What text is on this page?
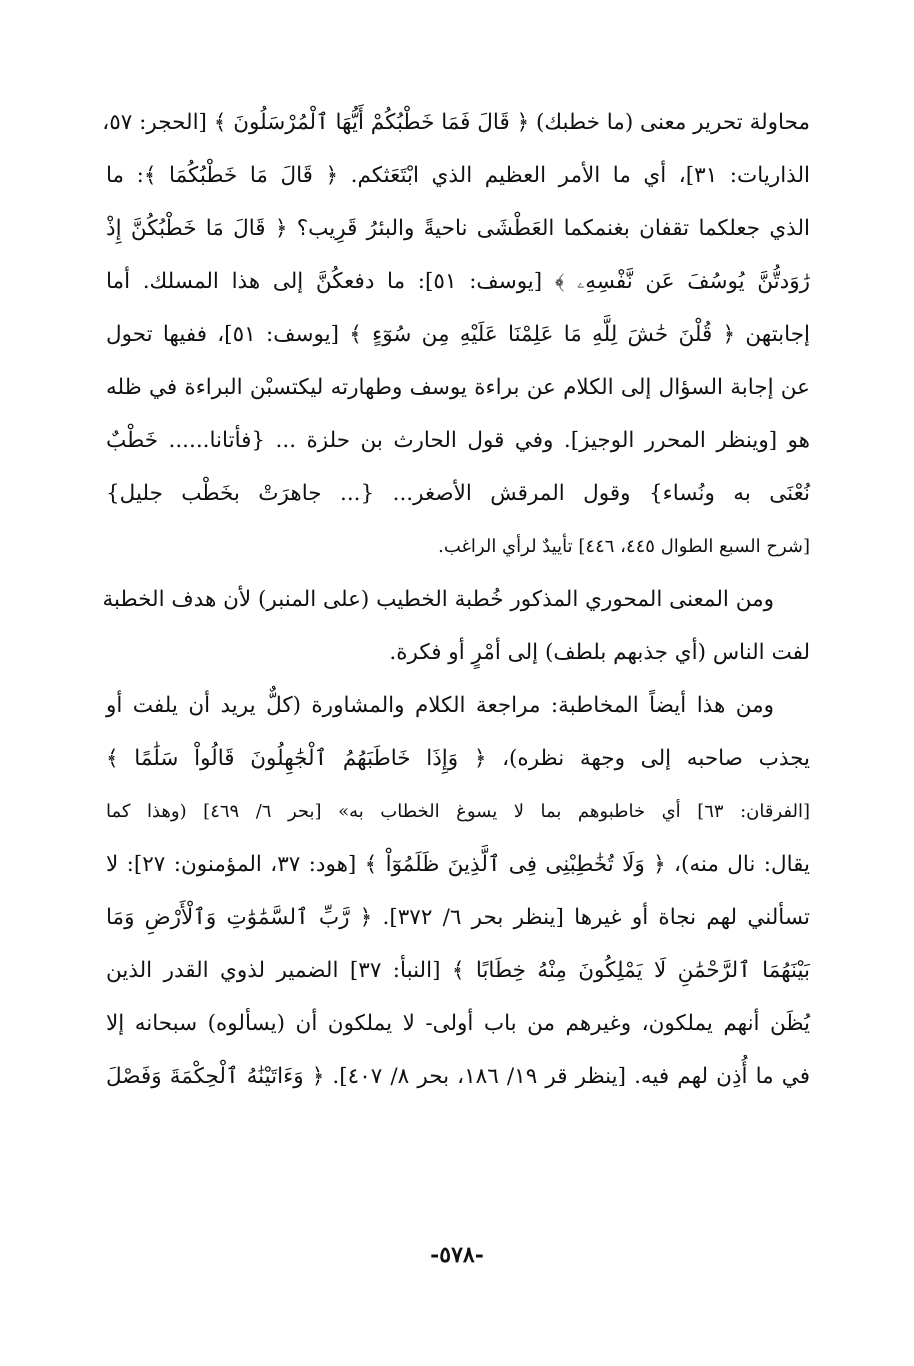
محاولة تحرير معنى (ما خطبك) ﴿ قَالَ فَمَا خَطْبُكُمْ أَيُّهَا ٱلْمُرْسَلُونَ ﴾ [الحجر: ٥٧،
الذاريات: ٣١]، أي ما الأمر العظيم الذي ابْتَعَثكم. ﴿ قَالَ مَا خَطْبُكُمَا ﴾: ما
الذي جعلكما تقفان بغنمكما العَطْشَى ناحيةً والبئرُ قَرِيب؟ ﴿ قَالَ مَا خَطْبُكُنَّ إِذْ
رَٰوَدتُّنَّ يُوسُفَ عَن نَّفْسِهِۦ ﴾ [يوسف: ٥١]: ما دفعكُنَّ إلى هذا المسلك. أما
إجابتهن ﴿ قُلْنَ حَٰشَ لِلَّهِ مَا عَلِمْنَا عَلَيْهِ مِن سُوٓءٍ ﴾ [يوسف: ٥١]، ففيها تحول
عن إجابة السؤال إلى الكلام عن براءة يوسف وطهارته ليكتسبْن البراءة في ظله
هو [وينظر المحرر الوجيز]. وفي قول الحارث بن حلزة ... {فأتانا...... خَطْبٌ
نُعْنَى به ونُساء} وقول المرقش الأصغر... {... جاهرَتْ بخَطْب جليل}
[شرح السبع الطوال ٤٤٥، ٤٤٦] تأييدٌ لرأي الراغب.
ومن المعنى المحوري المذكور خُطبة الخطيب (على المنبر) لأن هدف الخطبة
لفت الناس (أي جذبهم بلطف) إلى أمْرٍ أو فكرة.
ومن هذا أيضاً المخاطبة: مراجعة الكلام والمشاورة (كلٌّ يريد أن يلفت أو
يجذب صاحبه إلى وجهة نظره)، ﴿ وَإِذَا خَاطَبَهُمُ ٱلْجَٰهِلُونَ قَالُواْ سَلَٰمًا ﴾
[الفرقان: ٦٣] أي خاطبوهم بما لا يسوغ الخطاب به» [بحر ٦/ ٤٦٩] (وهذا كما
يقال: نال منه)، ﴿ وَلَا تُخَٰطِبْنِى فِى ٱلَّذِينَ ظَلَمُوٓاْ ﴾ [هود: ٣٧، المؤمنون: ٢٧]: لا
تسألني لهم نجاة أو غيرها [ينظر بحر ٦/ ٣٧٢]. ﴿ رَّبِّ ٱلسَّمَٰوَٰتِ وَٱلْأَرْضِ وَمَا
بَيْنَهُمَا ٱلرَّحْمَٰنِ لَا يَمْلِكُونَ مِنْهُ خِطَابًا ﴾ [النبأ: ٣٧] الضمير لذوي القدر الذين
يُظَن أنهم يملكون، وغيرهم من باب أولى- لا يملكون أن (يسألوه) سبحانه إلا
في ما أُذِن لهم فيه. [ينظر قر ١٩/ ١٨٦، بحر ٨/ ٤٠٧]. ﴿ وَءَاتَيْنَٰهُ ٱلْحِكْمَةَ وَفَصْلَ
-٥٧٨-
